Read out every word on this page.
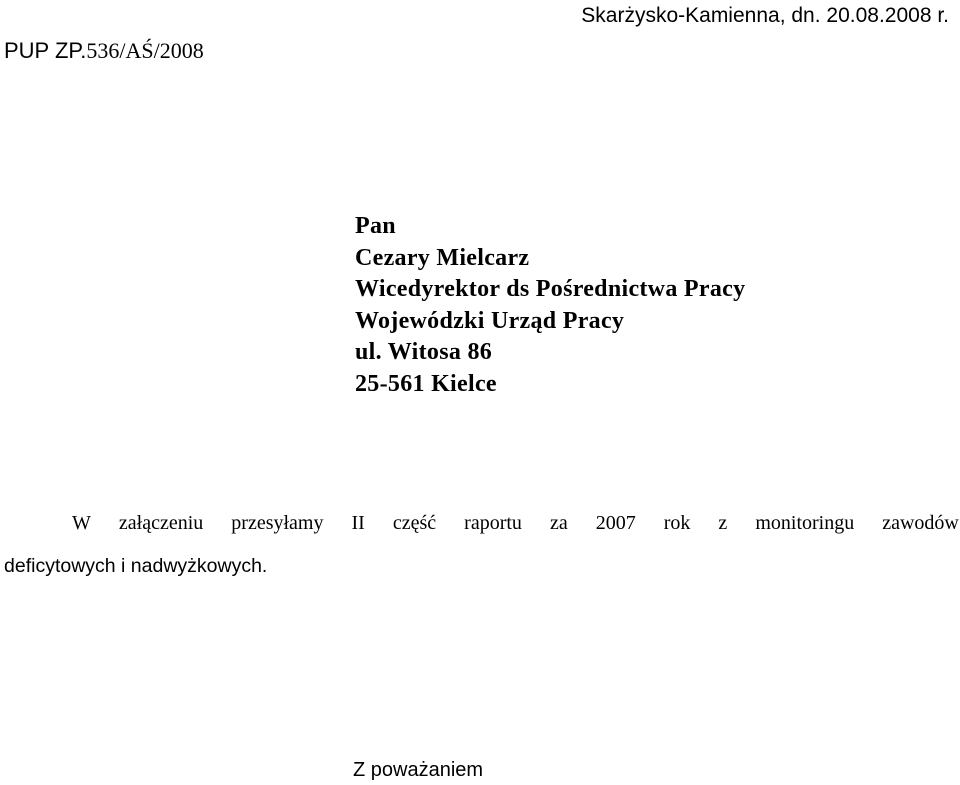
PUP ZP.536/AŚ/2008
Skarżysko-Kamienna, dn. 20.08.2008 r.
Pan
Cezary Mielcarz
Wicedyrektor ds Pośrednictwa Pracy
Wojewódzki Urząd Pracy
ul. Witosa 86
25-561 Kielce
W załączeniu przesyłamy II część raportu za 2007 rok z monitoringu zawodów
deficytowych i nadwyżkowych.
Z poważaniem
